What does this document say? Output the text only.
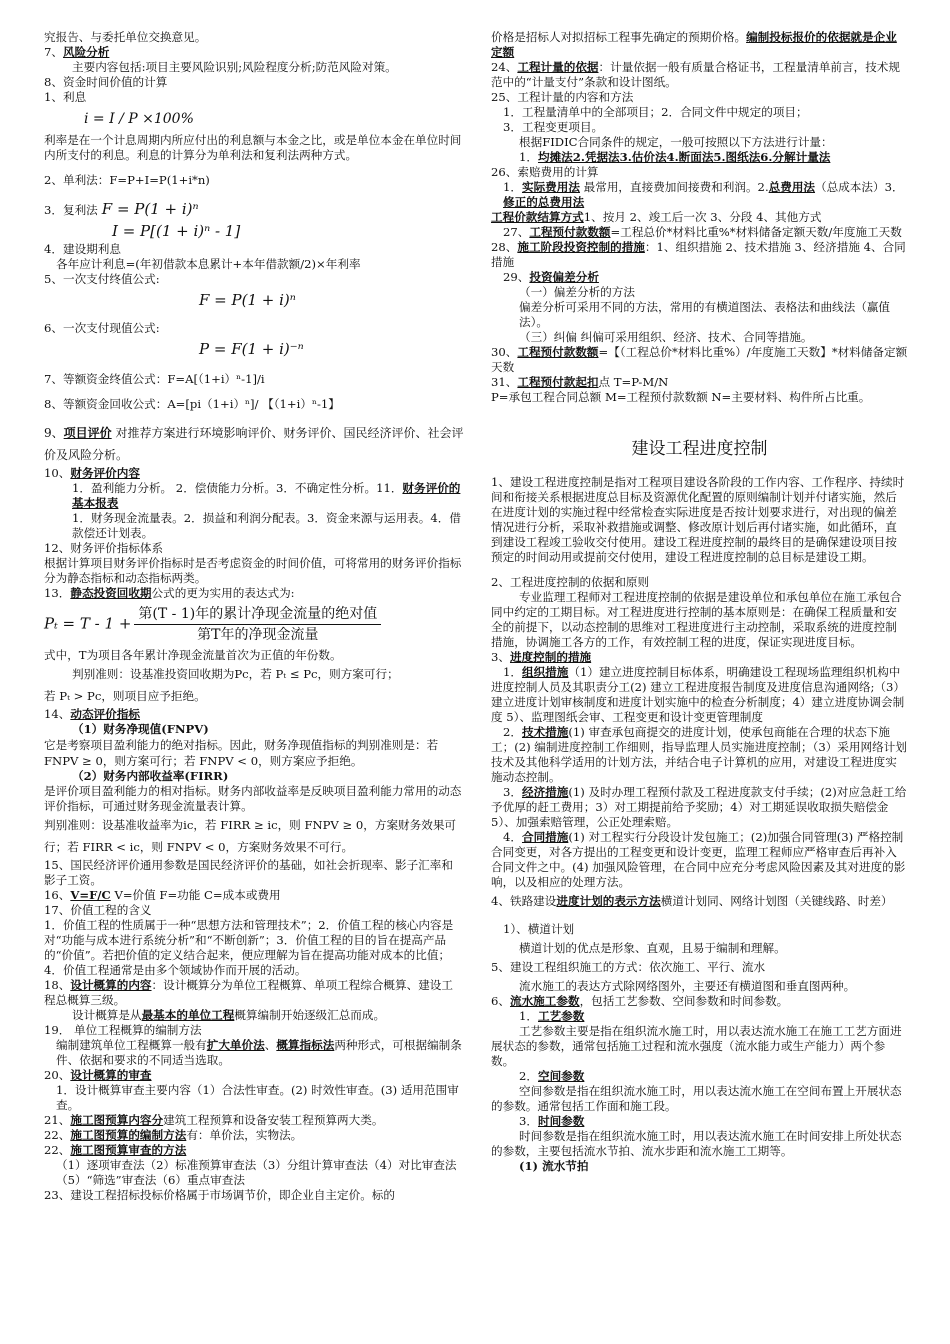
究报告、与委托单位交换意见。

7、风险分析

主要内容包括:项目主要风险识别;风险程度分析;防范风险对策。

8、资金时间价值的计算

1、利息

i = I / P ×100%

利率是在一个计息周期内所应付出的利息额与本金之比，或是单位本金在单位时间内所支付的利息。利息的计算分为单利法和复利法两种方式。

2、单利法：F=P+I=P(1+i*n)

3．复利法 F = P(1 + i)ⁿ

I = P[(1 + i)ⁿ - 1]

4．建设期利息

各年应计利息=(年初借款本息累计+本年借款额/2)×年利率

5、一次支付终值公式:

F = P(1 + i)ⁿ

6、一次支付现值公式:

P = F(1 + i)⁻ⁿ

7、等额资金终值公式：F=A[（1+i）ⁿ-1]/i

8、等额资金回收公式：A=[pi（1+i）ⁿ]/ 【（1+i）ⁿ-1】

9、项目评价 对推荐方案进行环境影响评价、财务评价、国民经济评价、社会评价及风险分析。

10、财务评价内容

1．盈利能力分析。 2．偿债能力分析。3．不确定性分析。11．财务评价的基本报表

1．财务现金流量表。2．损益和利润分配表。3．资金来源与运用表。4．借款偿还计划表。

12、财务评价指标体系

根据计算项目财务评价指标时是否考虑资金的时间价值，可将常用的财务评价指标分为静态指标和动态指标两类。

13．静态投资回收期公式的更为实用的表达式为:

$P_t = T - 1 + \frac{\text{第(T - 1)年的累计净现金流量的绝对值}}{\text{第T年的净现金流量}}$

式中，T为项目各年累计净现金流量首次为正值的年份数。

判别准则：设基准投资回收期为Pc，若 Pₜ ≤ Pc，则方案可行；

若 Pₜ > Pc，则项目应予拒绝。

14、动态评价指标

（1）财务净现值(FNPV)

它是考察项目盈利能力的绝对指标。因此，财务净现值指标的判别准则是：若 FNPV ≥ 0，则方案可行；若 FNPV < 0，则方案应予拒绝。

（2）财务内部收益率(FIRR)

是评价项目盈利能力的相对指标。财务内部收益率是反映项目盈利能力常用的动态评价指标，可通过财务现金流量表计算。

判别准则：设基准收益率为ic，若 FIRR ≥ ic，则 FNPV ≥ 0，方案财务效果可行；若 FIRR < ic，则 FNPV < 0，方案财务效果不可行。

15、国民经济评价通用参数是国民经济评价的基础，如社会折现率、影子汇率和影子工资。

16、V=F/C V=价值 F=功能 C=成本或费用

17、价值工程的含义

1．价值工程的性质属于一种“思想方法和管理技术”；2．价值工程的核心内容是对“功能与成本进行系统分析”和“不断创新”；3．价值工程的目的旨在提高产品的“价值”。若把价值的定义结合起来，便应理解为旨在提高功能对成本的比值；4．价值工程通常是由多个领域协作而开展的活动。

18、设计概算的内容：设计概算分为单位工程概算、单项工程综合概算、建设工程总概算三级。

设计概算是从最基本的单位工程概算编制开始逐级汇总而成。

19． 单位工程概算的编制方法

编制建筑单位工程概算一般有扩大单价法、概算指标法两种形式，可根据编制条件、依据和要求的不同适当选取。

20、设计概算的审查

1．设计概算审查主要内容（1）合法性审查。(2) 时效性审查。(3) 适用范围审查。

21、施工图预算内容分建筑工程预算和设备安装工程预算两大类。

22、施工图预算的编制方法有：单价法，实物法。

22、施工图预算审查的方法

（1）逐项审查法（2）标准预算审查法（3）分组计算审查法（4）对比审查法（5）“筛选”审查法（6）重点审查法

23、建设工程招标投标价格属于市场调节价，即企业自主定价。标的

价格是招标人对拟招标工程事先确定的预期价格。编制投标报价的依据就是企业定额

24、工程计量的依据：计量依据一般有质量合格证书，工程量清单前言，技术规范中的“计量支付”条款和设计图纸。

25、工程计量的内容和方法

1．工程量清单中的全部项目；2．合同文件中规定的项目；

3．工程变更项目。

根据FIDIC合同条件的规定，一般可按照以下方法进行计量：

1．均摊法2.凭据法3.估价法4.断面法5.图纸法6.分解计量法

26、索赔费用的计算

1．实际费用法 最常用，直接费加间接费和利润。2.总费用法（总成本法）3．修正的总费用法

工程价款结算方式1、按月 2、竣工后一次 3、分段 4、其他方式

27、工程预付款数额=工程总价*材料比重%*材料储备定额天数/年度施工天数

28、施工阶段投资控制的措施：1、组织措施 2、技术措施 3、经济措施 4、合同措施

29、投资偏差分析

（一）偏差分析的方法

偏差分析可采用不同的方法，常用的有横道图法、表格法和曲线法（赢值法）。

（三）纠偏 纠偏可采用组织、经济、技术、合同等措施。

30、工程预付款数额=【（工程总价*材料比重%）/年度施工天数】*材料储备定额天数

31、工程预付款起扣点 T=P-M/N

P=承包工程合同总额 M=工程预付款数额 N=主要材料、构件所占比重。

建设工程进度控制

1、建设工程进度控制是指对工程项目建设各阶段的工作内容、工作程序、持续时间和衔接关系根据进度总目标及资源优化配置的原则编制计划并付诸实施，然后在进度计划的实施过程中经常检查实际进度是否按计划要求进行，对出现的偏差情况进行分析，采取补救措施或调整、修改原计划后再付诸实施，如此循环，直到建设工程竣工验收交付使用。建设工程进度控制的最终目的是确保建设项目按预定的时间动用或提前交付使用，建设工程进度控制的总目标是建设工期。

2、工程进度控制的依据和原则

专业监理工程师对工程进度控制的依据是建设单位和承包单位在施工承包合同中约定的工期目标。对工程进度进行控制的基本原则是：在确保工程质量和安全的前提下，以动态控制的思维对工程进度进行主动控制，采取系统的进度控制措施，协调施工各方的工作，有效控制工程的进度，保证实现进度目标。

3、进度控制的措施

1．组织措施（1）建立进度控制目标体系，明确建设工程现场监理组织机构中进度控制人员及其职责分工(2) 建立工程进度报告制度及进度信息沟通网络;（3）建立进度计划审核制度和进度计划实施中的检查分析制度；4）建立进度协调会制度 5）、监理图纸会审、工程变更和设计变更管理制度

2．技术措施(1) 审查承包商提交的进度计划，使承包商能在合理的状态下施工；(2) 编制进度控制工作细则，指导监理人员实施进度控制；（3）采用网络计划技术及其他科学适用的计划方法，并结合电子计算机的应用，对建设工程进度实施动态控制。

3．经济措施(1) 及时办理工程预付款及工程进度款支付手续；(2)对应急赶工给予优厚的赶工费用；3）对工期提前给予奖励；4）对工期延误收取损失赔偿金 5）、加强索赔管理，公正处理索赔。

4．合同措施(1) 对工程实行分段设计发包施工；(2)加强合同管理(3) 严格控制合同变更，对各方提出的工程变更和设计变更，监理工程师应严格审查后再补入合同文件之中。(4) 加强风险管理，在合同中应充分考虑风险因素及其对进度的影响，以及相应的处理方法。

4、铁路建设进度计划的表示方法横道计划同、网络计划图（关键线路、时差）

1）、横道计划

横道计划的优点是形象、直观，且易于编制和理解。

5、建设工程组织施工的方式：依次施工、平行、流水

流水施工的表达方式除网络图外，主要还有横道图和垂直图两种。

6、流水施工参数，包括工艺参数、空间参数和时间参数。

1．工艺参数

工艺参数主要是指在组织流水施工时，用以表达流水施工在施工工艺方面进展状态的参数，通常包括施工过程和流水强度（流水能力或生产能力）两个参数。

2．空间参数

空间参数是指在组织流水施工时，用以表达流水施工在空间布置上开展状态的参数。通常包括工作面和施工段。

3．时间参数

时间参数是指在组织流水施工时，用以表达流水施工在时间安排上所处状态的参数，主要包括流水节拍、流水步距和流水施工工期等。

(1) 流水节拍
